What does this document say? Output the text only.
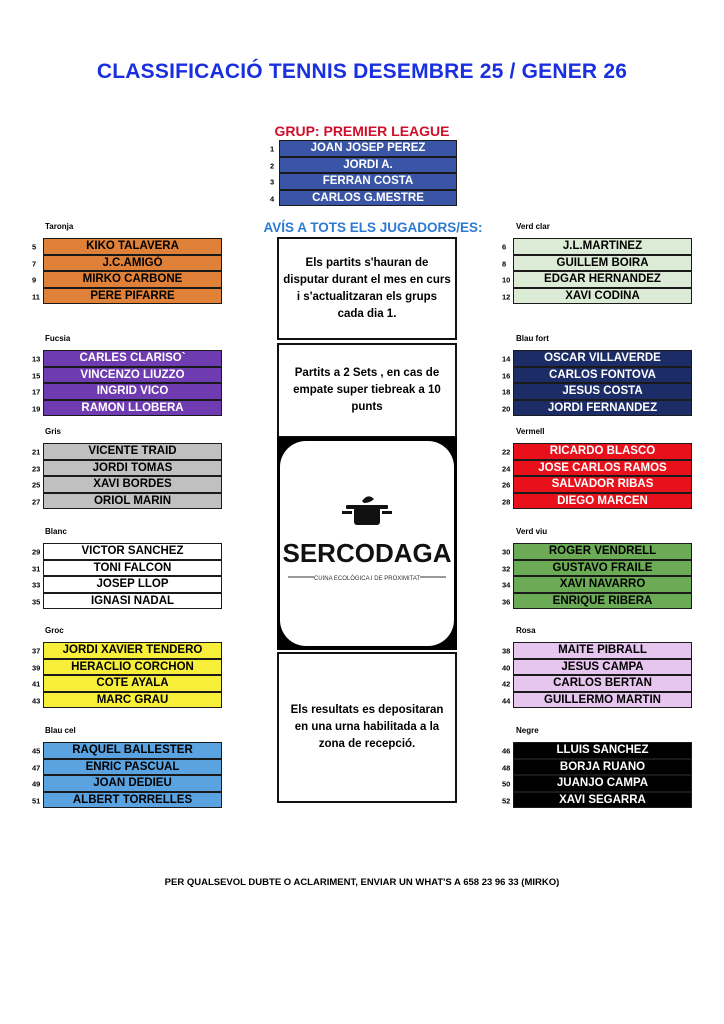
CLASSIFICACIÓ TENNIS DESEMBRE 25 / GENER 26
GRUP: PREMIER LEAGUE
1	JOAN JOSEP PEREZ
2	JORDI A.
3	FERRAN COSTA
4	CARLOS G.MESTRE
AVÍS A TOTS ELS JUGADORS/ES:
Els partits s'hauran de disputar durant el mes en curs i s'actualitzaran els grups cada dia 1.
Partits a 2 Sets , en cas de empate super tiebreak a 10 punts
SERCODAGA
CUINA ECOLÒGICA I DE PROXIMITAT
Els resultats es depositaran en una urna habilitada a la zona de recepció.
Taronja
5	KIKO TALAVERA
7	J.C.AMIGÓ
9	MIRKO CARBONE
11	PERE PIFARRE
Fucsia
13	CARLES CLARISO`
15	VINCENZO LIUZZO
17	INGRID VICO
19	RAMON LLOBERA
Gris
21	VICENTE TRAID
23	JORDI TOMAS
25	XAVI BORDES
27	ORIOL MARIN
Blanc
29	VICTOR SANCHEZ
31	TONI FALCON
33	JOSEP LLOP
35	IGNASI NADAL
Groc
37	JORDI XAVIER TENDERO
39	HERACLIO CORCHON
41	COTE AYALA
43	MARC GRAU
Blau cel
45	RAQUEL BALLESTER
47	ENRIC PASCUAL
49	JOAN DEDIEU
51	ALBERT TORRELLES
Verd clar
6	J.L.MARTINEZ
8	GUILLEM BOIRA
10	EDGAR HERNANDEZ
12	XAVI CODINA
Blau fort
14	OSCAR VILLAVERDE
16	CARLOS FONTOVA
18	JESUS COSTA
20	JORDI FERNANDEZ
Vermell
22	RICARDO BLASCO
24	JOSE CARLOS RAMOS
26	SALVADOR RIBAS
28	DIEGO MARCEN
Verd viu
30	ROGER VENDRELL
32	GUSTAVO FRAILE
34	XAVI NAVARRO
36	ENRIQUE RIBERA
Rosa
38	MAITE PIBRALL
40	JESUS CAMPA
42	CARLOS BERTAN
44	GUILLERMO MARTIN
Negre
46	LLUIS SANCHEZ
48	BORJA RUANO
50	JUANJO CAMPA
52	XAVI SEGARRA
PER QUALSEVOL DUBTE O ACLARIMENT, ENVIAR UN WHAT'S A 658 23 96 33 (MIRKO)
